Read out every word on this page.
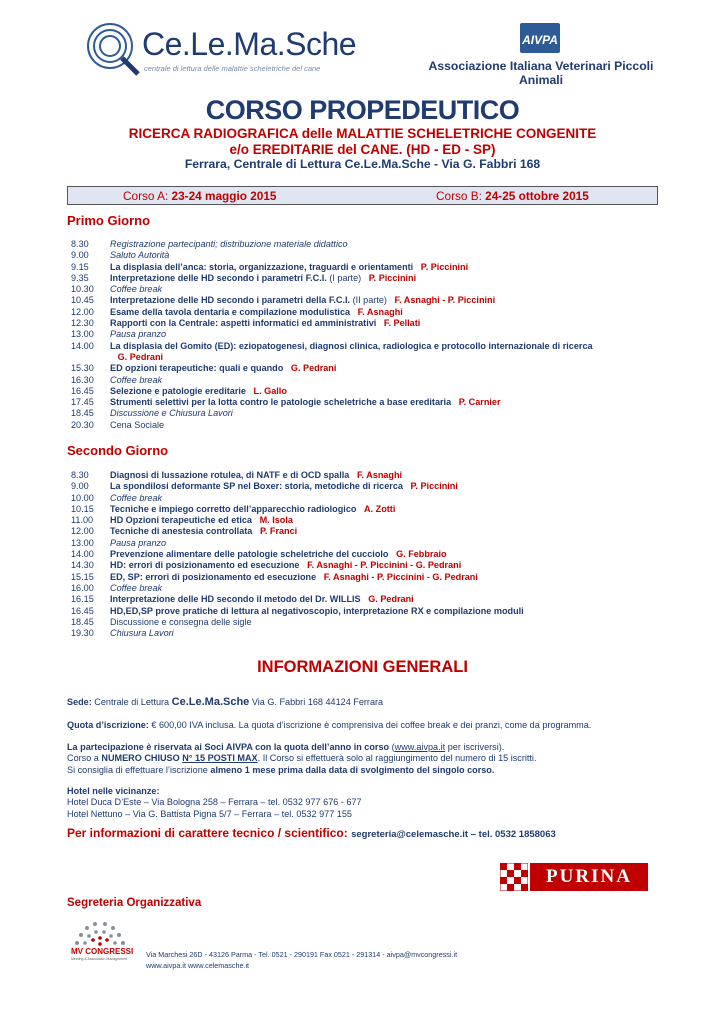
Ce.Le.Ma.Sche
centrale di lettura delle malattie scheletriche del cane
AIVPA
Associazione Italiana Veterinari Piccoli Animali
CORSO PROPEDEUTICO
RICERCA RADIOGRAFICA delle MALATTIE SCHELETRICHE CONGENITE
e/o EREDITARIE del CANE. (HD - ED - SP)
Ferrara, Centrale di Lettura Ce.Le.Ma.Sche - Via G. Fabbri 168
Corso A: 23-24 maggio 2015	Corso B: 24-25 ottobre 2015
Primo Giorno
8.30	Registrazione partecipanti; distribuzione materiale didattico
9.00	Saluto Autorità
9.15	La displasia dell’anca: storia, organizzazione, traguardi e orientamenti P. Piccinini
9.35	Interpretazione delle HD secondo i parametri F.C.I. (I parte) P. Piccinini
10.30	Coffee break
10.45	Interpretazione delle HD secondo i parametri della F.C.I. (II parte) F. Asnaghi - P. Piccinini
12.00	Esame della tavola dentaria e compilazione modulistica F. Asnaghi
12.30	Rapporti con la Centrale: aspetti informatici ed amministrativi F. Pellati
13.00	Pausa pranzo
14.00	La displasia del Gomito (ED): eziopatogenesi, diagnosi clinica, radiologica e protocollo internazionale di ricerca
G. Pedrani
15.30	ED opzioni terapeutiche: quali e quando G. Pedrani
16.30	Coffee break
16.45	Selezione e patologie ereditarie L. Gallo
17.45	Strumenti selettivi per la lotta contro le patologie scheletriche a base ereditaria P. Carnier
18.45	Discussione e Chiusura Lavori
20.30	Cena Sociale
Secondo Giorno
8.30	Diagnosi di lussazione rotulea, di NATF e di OCD spalla F. Asnaghi
9.00	La spondilosi deformante SP nel Boxer: storia, metodiche di ricerca P. Piccinini
10.00	Coffee break
10.15	Tecniche e impiego corretto dell’apparecchio radiologico A. Zotti
11.00	HD Opzioni terapeutiche ed etica M. Isola
12.00	Tecniche di anestesia controllata P. Franci
13.00	Pausa pranzo
14.00	Prevenzione alimentare delle patologie scheletriche del cucciolo G. Febbraio
14.30	HD: errori di posizionamento ed esecuzione F. Asnaghi - P. Piccinini - G. Pedrani
15.15	ED, SP: errori di posizionamento ed esecuzione F. Asnaghi - P. Piccinini - G. Pedrani
16.00	Coffee break
16.15	Interpretazione delle HD secondo il metodo del Dr. WILLIS G. Pedrani
16.45	HD,ED,SP prove pratiche di lettura al negativoscopio, interpretazione RX e compilazione moduli
18.45	Discussione e consegna delle sigle
19.30	Chiusura Lavori
INFORMAZIONI GENERALI
Sede: Centrale di Lettura Ce.Le.Ma.Sche Via G. Fabbri 168 44124 Ferrara
Quota d’iscrizione: € 600,00 IVA inclusa. La quota d’iscrizione è comprensiva dei coffee break e dei pranzi, come da programma.
La partecipazione è riservata ai Soci AIVPA con la quota dell’anno in corso (www.aivpa.it per iscriversi).
Corso a NUMERO CHIUSO N° 15 POSTI MAX. Il Corso si effettuerà solo al raggiungimento del numero di 15 iscritti.
Si consiglia di effettuare l’iscrizione almeno 1 mese prima dalla data di svolgimento del singolo corso.
Hotel nelle vicinanze:
Hotel Duca D’Este – Via Bologna 258 – Ferrara – tel. 0532 977 676 - 677
Hotel Nettuno – Via G. Battista Pigna 5/7 – Ferrara – tel. 0532 977 155
Per informazioni di carattere tecnico / scientifico: segreteria@celemasche.it – tel. 0532 1858063
PURINA
Segreteria Organizzativa
MV CONGRESSI
Meeting & Association Management	Via Marchesi 26D - 43126 Parma - Tel. 0521 - 290191 Fax 0521 - 291314 - aivpa@mvcongressi.it
www.aivpa.it www.celemasche.it
